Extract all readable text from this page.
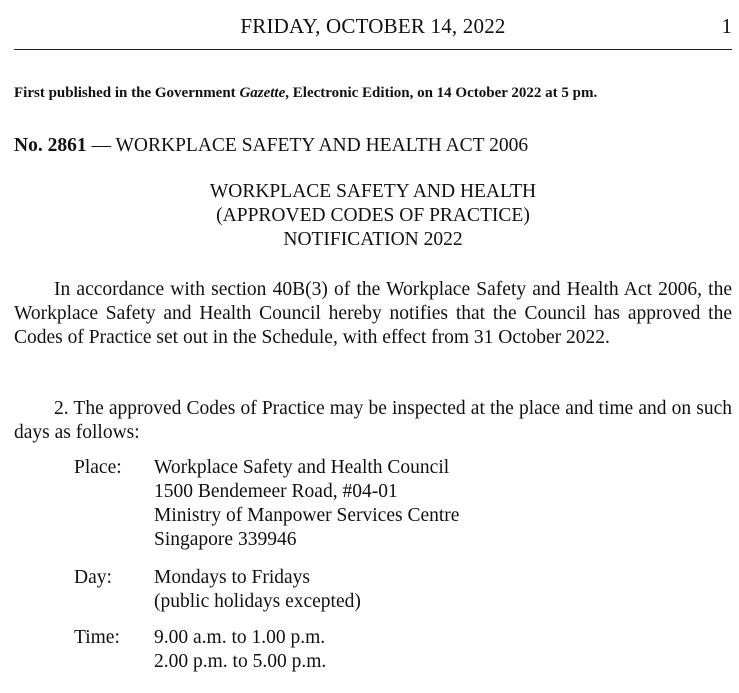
FRIDAY, OCTOBER 14, 2022	1
First published in the Government Gazette, Electronic Edition, on 14 October 2022 at 5 pm.
No. 2861 — WORKPLACE SAFETY AND HEALTH ACT 2006
WORKPLACE SAFETY AND HEALTH
(APPROVED CODES OF PRACTICE)
NOTIFICATION 2022
In accordance with section 40B(3) of the Workplace Safety and Health Act 2006, the Workplace Safety and Health Council hereby notifies that the Council has approved the Codes of Practice set out in the Schedule, with effect from 31 October 2022.
2. The approved Codes of Practice may be inspected at the place and time and on such days as follows:
Place:	Workplace Safety and Health Council
1500 Bendemeer Road, #04-01
Ministry of Manpower Services Centre
Singapore 339946
Day:	Mondays to Fridays
(public holidays excepted)
Time:	9.00 a.m. to 1.00 p.m.
2.00 p.m. to 5.00 p.m.
